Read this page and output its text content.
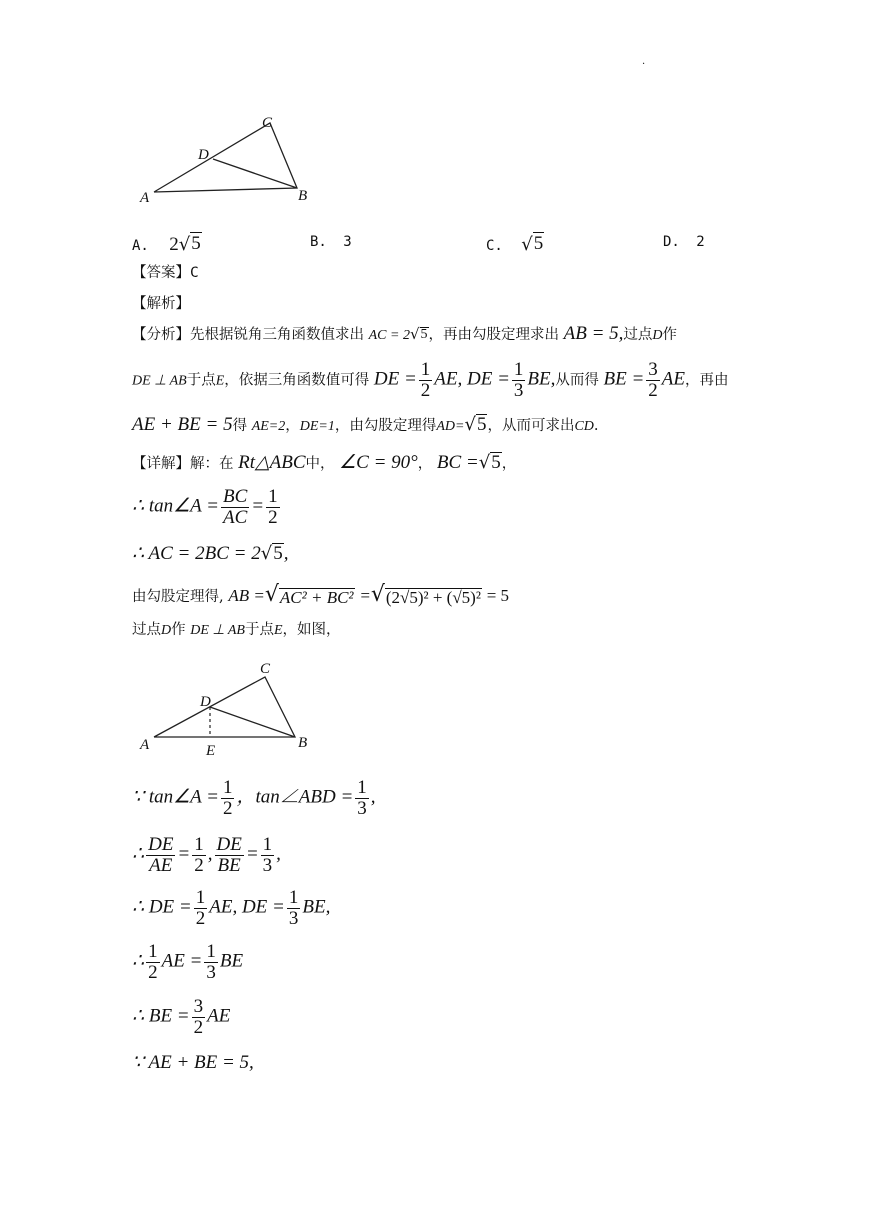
.
A	B
C
D
A. 2 √ 5	B. 3	C. √ 5	D. 2
【答案】C
【解析】
【分析】先根据锐角三角函数值求出 AC = 2 √ 5 ，再由勾股定理求出 AB = 5,过点D作
DE ⊥ AB于点E，依据三角函数值可得 DE = $\frac{1}{2}$ AE, DE = $\frac{1}{3}$ BE,从而得 BE = $\frac{3}{2}$ AE，再由
AE + BE = 5得 AE=2，DE=1，由勾股定理得AD= √ 5 ，从而可求出CD.
【详解】解：在 Rt△ABC中， ∠C = 90°， BC = √ 5 ，
∴ tan∠A = $\frac{BC}{AC} = \frac{1}{2}$
∴ AC = 2BC = 2 √ 5 ,
由勾股定理得, AB = √ AC² + BC² = √ (2√5)² + (√5)² = 5
过点D作 DE ⊥ AB于点E，如图，
A	B
C
D
E
∵ tan∠A = $\frac{1}{2}$ ，tan∠ABD = $\frac{1}{3}$ ,
∴ $\frac{DE}{AE} = \frac{1}{2}$ , $\frac{DE}{BE} = \frac{1}{3}$ ,
∴ DE = $\frac{1}{2}$ AE, DE = $\frac{1}{3}$ BE,
∴ $\frac{1}{2}$ AE = $\frac{1}{3}$ BE
∴ BE = $\frac{3}{2}$ AE
∵ AE + BE = 5,
